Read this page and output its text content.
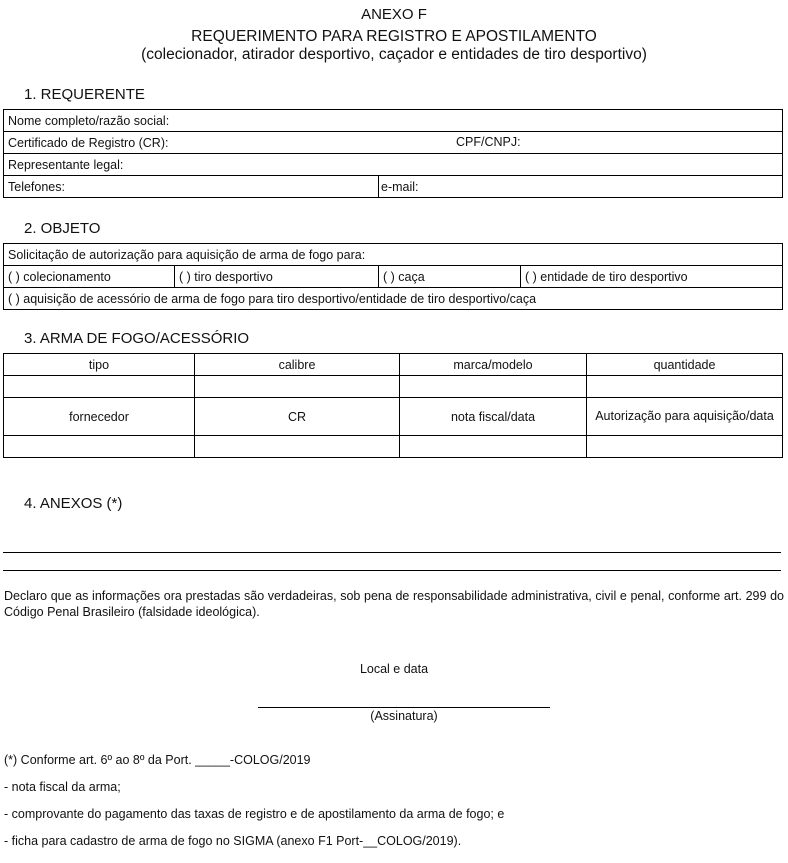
ANEXO F
REQUERIMENTO PARA REGISTRO E APOSTILAMENTO
(colecionador, atirador desportivo, caçador e entidades de tiro desportivo)
1. REQUERENTE
Nome completo/razão social:
Certificado de Registro (CR):	CPF/CNPJ:

Representante legal:
Telefones:	e-mail:
2. OBJETO
Solicitação de autorização para aquisição de arma de fogo para:
( ) colecionamento	( ) tiro desportivo	( ) caça	( ) entidade de tiro desportivo
( ) aquisição de acessório de arma de fogo para tiro desportivo/entidade de tiro desportivo/caça
3. ARMA DE FOGO/ACESSÓRIO
tipo	calibre	marca/modelo	quantidade

fornecedor	CR	nota fiscal/data	Autorização para aquisição/data

4. ANEXOS (*)
Declaro que as informações ora prestadas são verdadeiras, sob pena de responsabilidade administrativa, civil e penal, conforme art. 299 do Código Penal Brasileiro (falsidade ideológica).
Local e data
(Assinatura)
(*) Conforme art. 6º ao 8º da Port. _____-COLOG/2019
- nota fiscal da arma;
- comprovante do pagamento das taxas de registro e de apostilamento da arma de fogo; e
- ficha para cadastro de arma de fogo no SIGMA (anexo F1 Port-__COLOG/2019).
